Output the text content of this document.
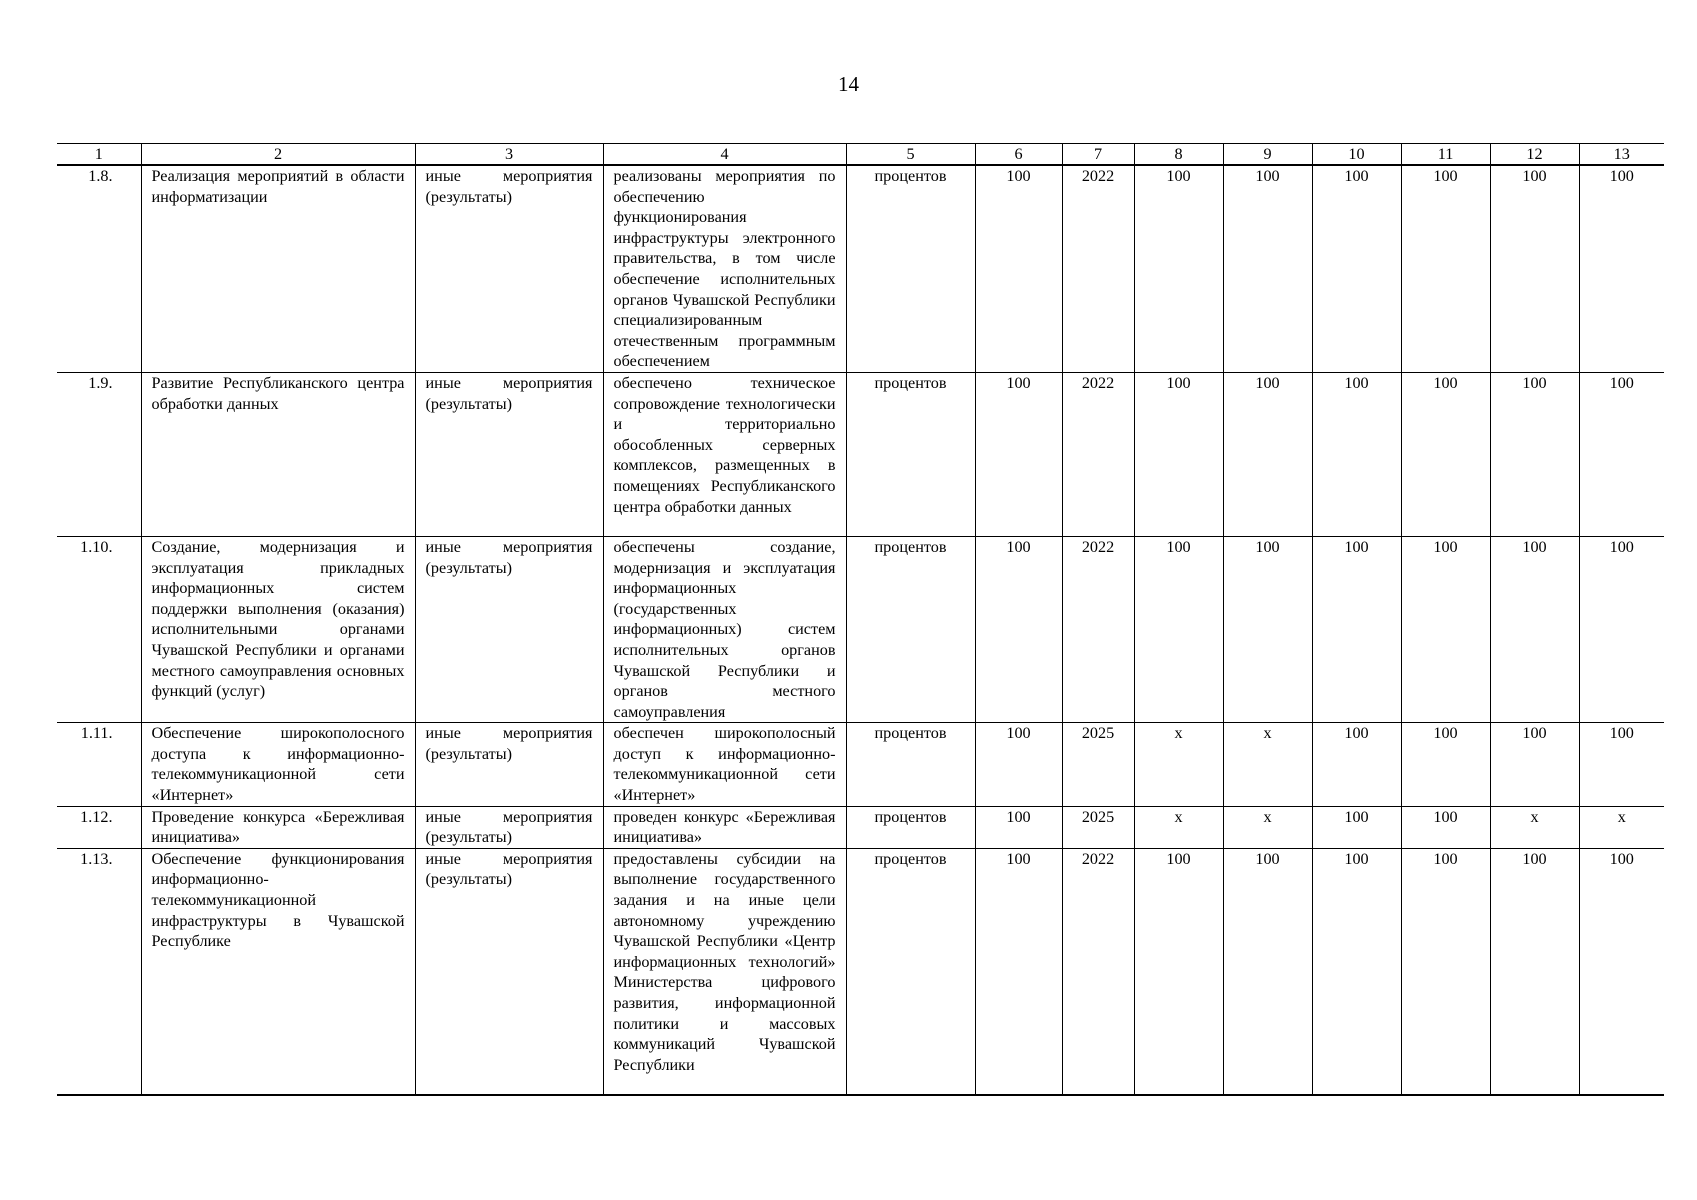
14
1	2	3	4	5	6	7	8	9	10	11	12	13
1.8.	Реализация мероприятий в области информатизации	иные мероприятия (результаты)	реализованы мероприятия по обеспечению функционирования инфраструктуры электронного правительства, в том числе обеспечение исполнительных органов Чувашской Республики специализированным отечественным программным обеспечением	процентов	100	2022	100	100	100	100	100	100
1.9.	Развитие Республиканского центра обработки данных	иные мероприятия (результаты)	обеспечено техническое сопровождение технологически и территориально обособленных серверных комплексов, размещенных в помещениях Республиканского центра обработки данных	процентов	100	2022	100	100	100	100	100	100
1.10.	Создание, модернизация и эксплуатация прикладных информационных систем поддержки выполнения (оказания) исполнительными органами Чувашской Республики и органами местного самоуправления основных функций (услуг)	иные мероприятия (результаты)	обеспечены создание, модернизация и эксплуатация информационных (государственных информационных) систем исполнительных органов Чувашской Республики и органов местного самоуправления	процентов	100	2022	100	100	100	100	100	100
1.11.	Обеспечение широкополосного доступа к информационно-телекоммуникационной сети «Интернет»	иные мероприятия (результаты)	обеспечен широкополосный доступ к информационно-телекоммуникационной сети «Интернет»	процентов	100	2025	x	x	100	100	100	100
1.12.	Проведение конкурса «Бережливая инициатива»	иные мероприятия (результаты)	проведен конкурс «Бережливая инициатива»	процентов	100	2025	x	x	100	100	x	x
1.13.	Обеспечение функционирования информационно-телекоммуникационной инфраструктуры в Чувашской Республике	иные мероприятия (результаты)	предоставлены субсидии на выполнение государственного задания и на иные цели автономному учреждению Чувашской Республики «Центр информационных технологий» Министерства цифрового развития, информационной политики и массовых коммуникаций Чувашской Республики	процентов	100	2022	100	100	100	100	100	100
